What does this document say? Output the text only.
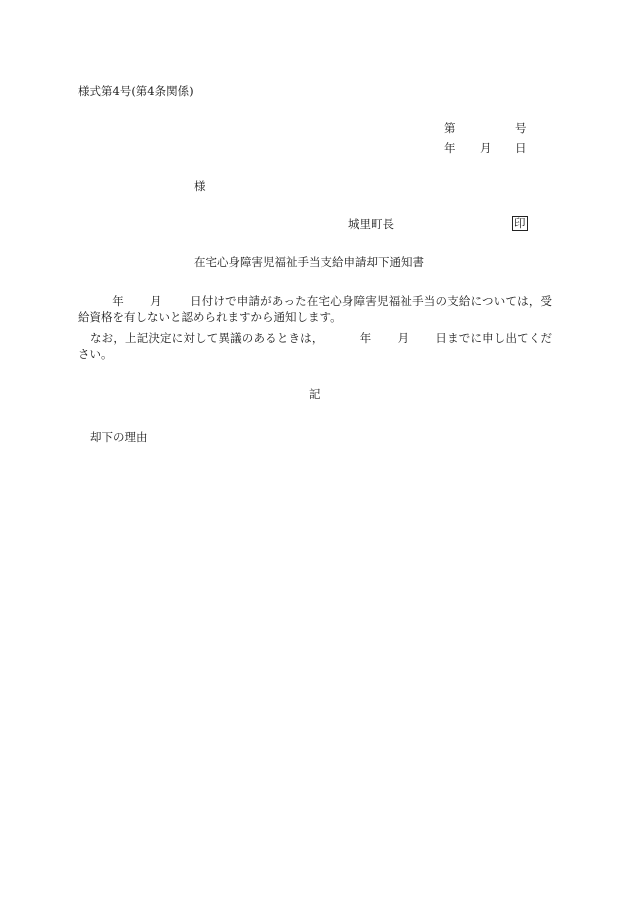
様式第4号(第4条関係)
第	号
年 月 日
様
城里町長	印
在宅心身障害児福祉手当支給申請却下通知書
年 月 日付けで申請があった在宅心身障害児福祉手当の支給については，受給資格を有しないと認められますから通知します。
なお，上記決定に対して異議のあるときは，	年 月 日までに申し出てください。
記
却下の理由
